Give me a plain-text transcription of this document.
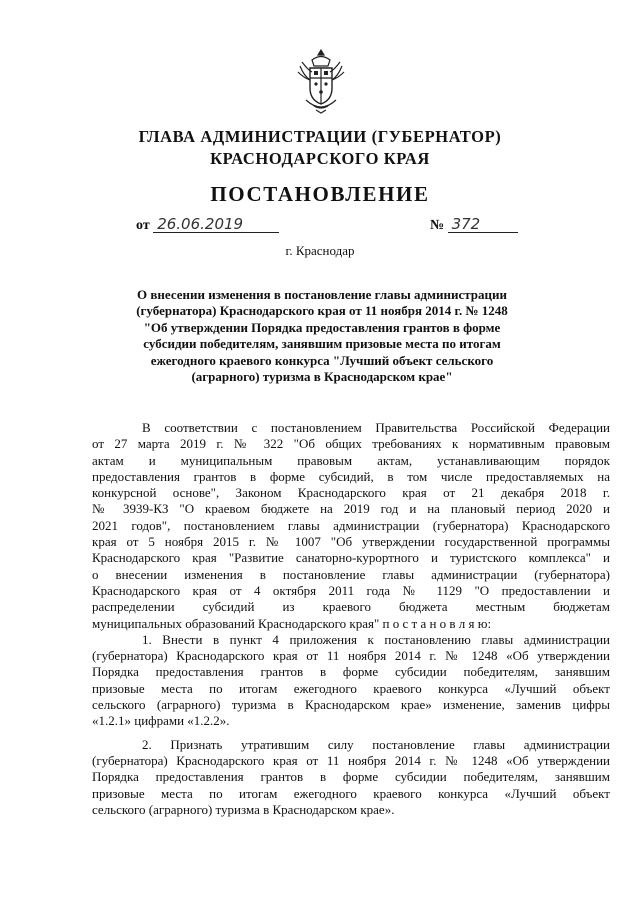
ГЛАВА АДМИНИСТРАЦИИ (ГУБЕРНАТОР)
КРАСНОДАРСКОГО КРАЯ
ПОСТАНОВЛЕНИЕ
от 26.06.2019	№ 372
г. Краснодар
О внесении изменения в постановление главы администрации
(губернатора) Краснодарского края от 11 ноября 2014 г. № 1248
"Об утверждении Порядка предоставления грантов в форме
субсидии победителям, занявшим призовые места по итогам
ежегодного краевого конкурса "Лучший объект сельского
(аграрного) туризма в Краснодарском крае"
В соответствии с постановлением Правительства Российской Федерации
от 27 марта 2019 г. № 322 "Об общих требованиях к нормативным правовым
актам и муниципальным правовым актам, устанавливающим порядок
предоставления грантов в форме субсидий, в том числе предоставляемых на
конкурсной основе", Законом Краснодарского края от 21 декабря 2018 г.
№ 3939-КЗ "О краевом бюджете на 2019 год и на плановый период 2020 и
2021 годов", постановлением главы администрации (губернатора) Краснодарского
края от 5 ноября 2015 г. № 1007 "Об утверждении государственной программы
Краснодарского края "Развитие санаторно-курортного и туристского комплекса" и
о внесении изменения в постановление главы администрации (губернатора)
Краснодарского края от 4 октября 2011 года № 1129 "О предоставлении и
распределении субсидий из краевого бюджета местным бюджетам
муниципальных образований Краснодарского края" п о с т а н о в л я ю:
1. Внести в пункт 4 приложения к постановлению главы администрации
(губернатора) Краснодарского края от 11 ноября 2014 г. № 1248 «Об утверждении
Порядка предоставления грантов в форме субсидии победителям, занявшим
призовые места по итогам ежегодного краевого конкурса «Лучший объект
сельского (аграрного) туризма в Краснодарском крае» изменение, заменив цифры
«1.2.1» цифрами «1.2.2».
2. Признать утратившим силу постановление главы администрации
(губернатора) Краснодарского края от 11 ноября 2014 г. № 1248 «Об утверждении
Порядка предоставления грантов в форме субсидии победителям, занявшим
призовые места по итогам ежегодного краевого конкурса «Лучший объект
сельского (аграрного) туризма в Краснодарском крае».
